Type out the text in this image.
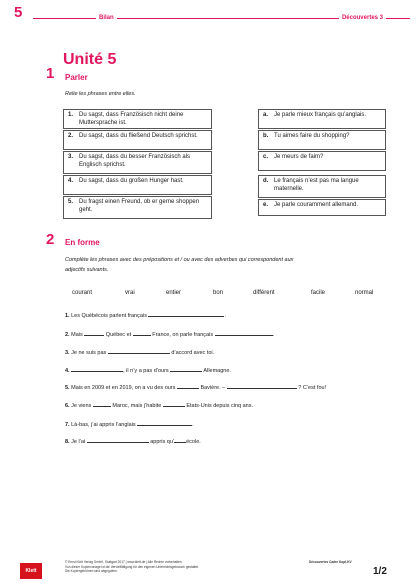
5	Bilan	Découvertes 3
Unité 5
1 Parler
Relie les phrases entre elles.
1. Du sagst, dass Französisch nicht deine Muttersprache ist.
2. Du sagst, dass du fließend Deutsch sprichst.
3. Du sagst, dass du besser Französisch als Englisch sprichst.
4. Du sagst, dass du großen Hunger hast.
5. Du fragst einen Freund, ob er gerne shoppen geht.
a. Je parle mieux français qu’anglais.
b. Tu aimes faire du shopping?
c. Je meurs de faim?
d. Le français n’est pas ma langue maternelle.
e. Je parle couramment allemand.
2 En forme
Complète les phrases avec des prépositions et / ou avec des adverbes qui correspondent aux
adjectifs suivants.
courant	vrai	entier	bon	différent	facile	normal
1. Les Québécois parlent français	.
2. Mais	Québec et	France, on parle français	.
3. Je ne suis pas	d’accord avec toi.
4.	, il n’y a pas d’ours	Allemagne.
5. Mais en 2009 et en 2019, on a vu des ours	Bavière. –	? C’est fou!
6. Je viens	Maroc, mais j’habite	Etats-Unis depuis cinq ans.
7. Là-bas, j’ai appris l’anglais	.
8. Je l’ai	appris qu’ école.
Klett
© Ernst Klett Verlag GmbH, Stuttgart 2017 | www.klett.de | Alle Rechte vorbehalten.
Von dieser Kopiervorlage ist die Vervielfältigung für den eigenen Unterrichtsgebrauch gestattet.
Die Kopiergebühren sind abgegolten.
Découvertes Cadre Kopf-KV
1/2
